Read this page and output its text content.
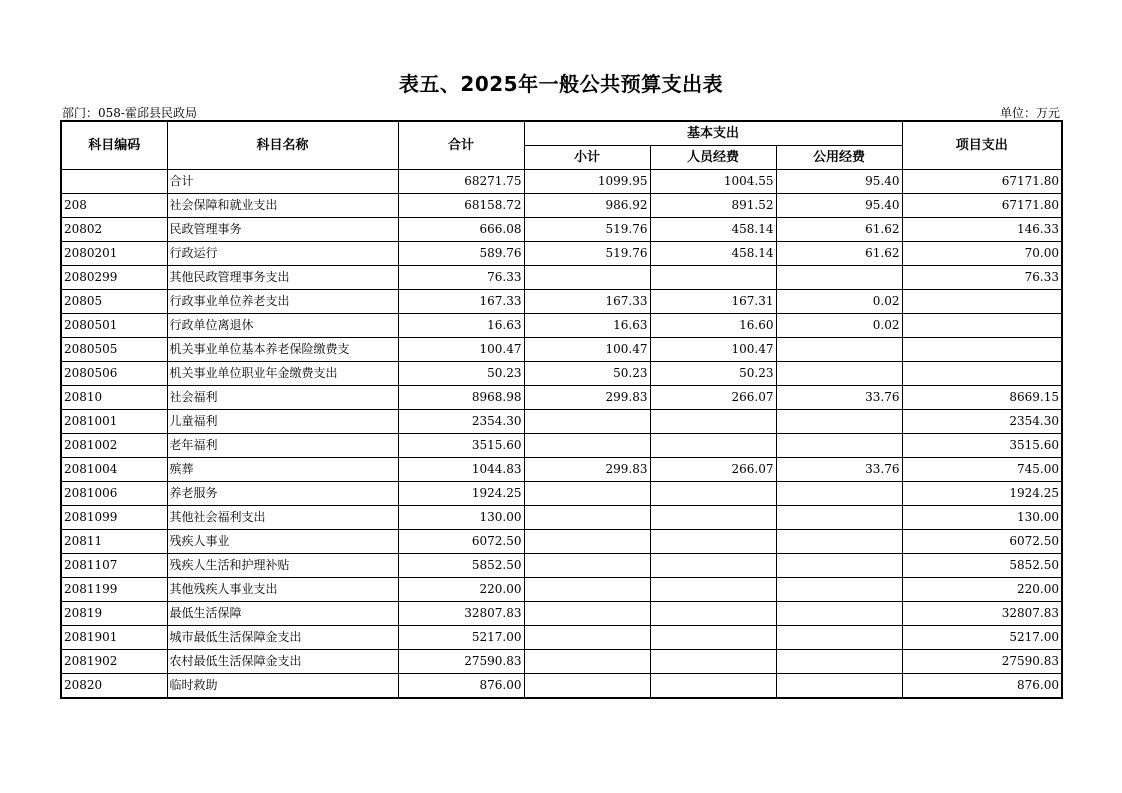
表五、2025年一般公共预算支出表
部门：058-霍邱县民政局	单位：万元
科目编码	科目名称	合计	基本支出			项目支出
			小计	人员经费	公用经费	
	合计	68271.75	1099.95	1004.55	95.40	67171.80
208	社会保障和就业支出	68158.72	986.92	891.52	95.40	67171.80
20802	民政管理事务	666.08	519.76	458.14	61.62	146.33
2080201	行政运行	589.76	519.76	458.14	61.62	70.00
2080299	其他民政管理事务支出	76.33				76.33
20805	行政事业单位养老支出	167.33	167.33	167.31	0.02	
2080501	行政单位离退休	16.63	16.63	16.60	0.02	
2080505	机关事业单位基本养老保险缴费支	100.47	100.47	100.47		
2080506	机关事业单位职业年金缴费支出	50.23	50.23	50.23		
20810	社会福利	8968.98	299.83	266.07	33.76	8669.15
2081001	儿童福利	2354.30				2354.30
2081002	老年福利	3515.60				3515.60
2081004	殡葬	1044.83	299.83	266.07	33.76	745.00
2081006	养老服务	1924.25				1924.25
2081099	其他社会福利支出	130.00				130.00
20811	残疾人事业	6072.50				6072.50
2081107	残疾人生活和护理补贴	5852.50				5852.50
2081199	其他残疾人事业支出	220.00				220.00
20819	最低生活保障	32807.83				32807.83
2081901	城市最低生活保障金支出	5217.00				5217.00
2081902	农村最低生活保障金支出	27590.83				27590.83
20820	临时救助	876.00				876.00
